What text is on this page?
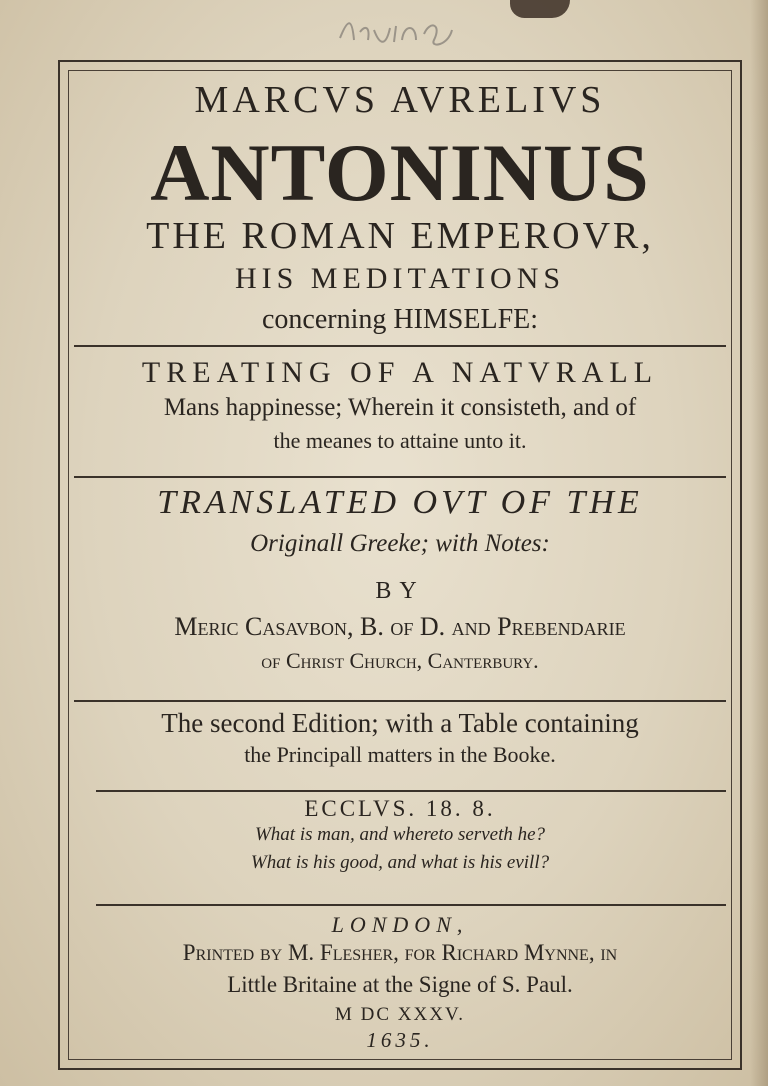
MARCVS AVRELIVS
ANTONINUS
THE ROMAN EMPEROVR,
HIS MEDITATIONS
concerning HIMSELFE:
TREATING OF A NATVRALL
Mans happinesse; Wherein it consisteth, and of
the meanes to attaine unto it.
TRANSLATED OVT OF THE
Originall Greeke; with Notes:
BY
Meric Casavbon, B. of D. and Prebendarie
of Christ Church, Canterbury.
The second Edition; with a Table containing
the Principall matters in the Booke.
ECCLVS. 18. 8.
What is man, and whereto serveth he?
What is his good, and what is his evill?
LONDON,
Printed by M. Flesher, for Richard Mynne, in
Little Britaine at the Signe of S. Paul.
M DC XXXV.
1635.
